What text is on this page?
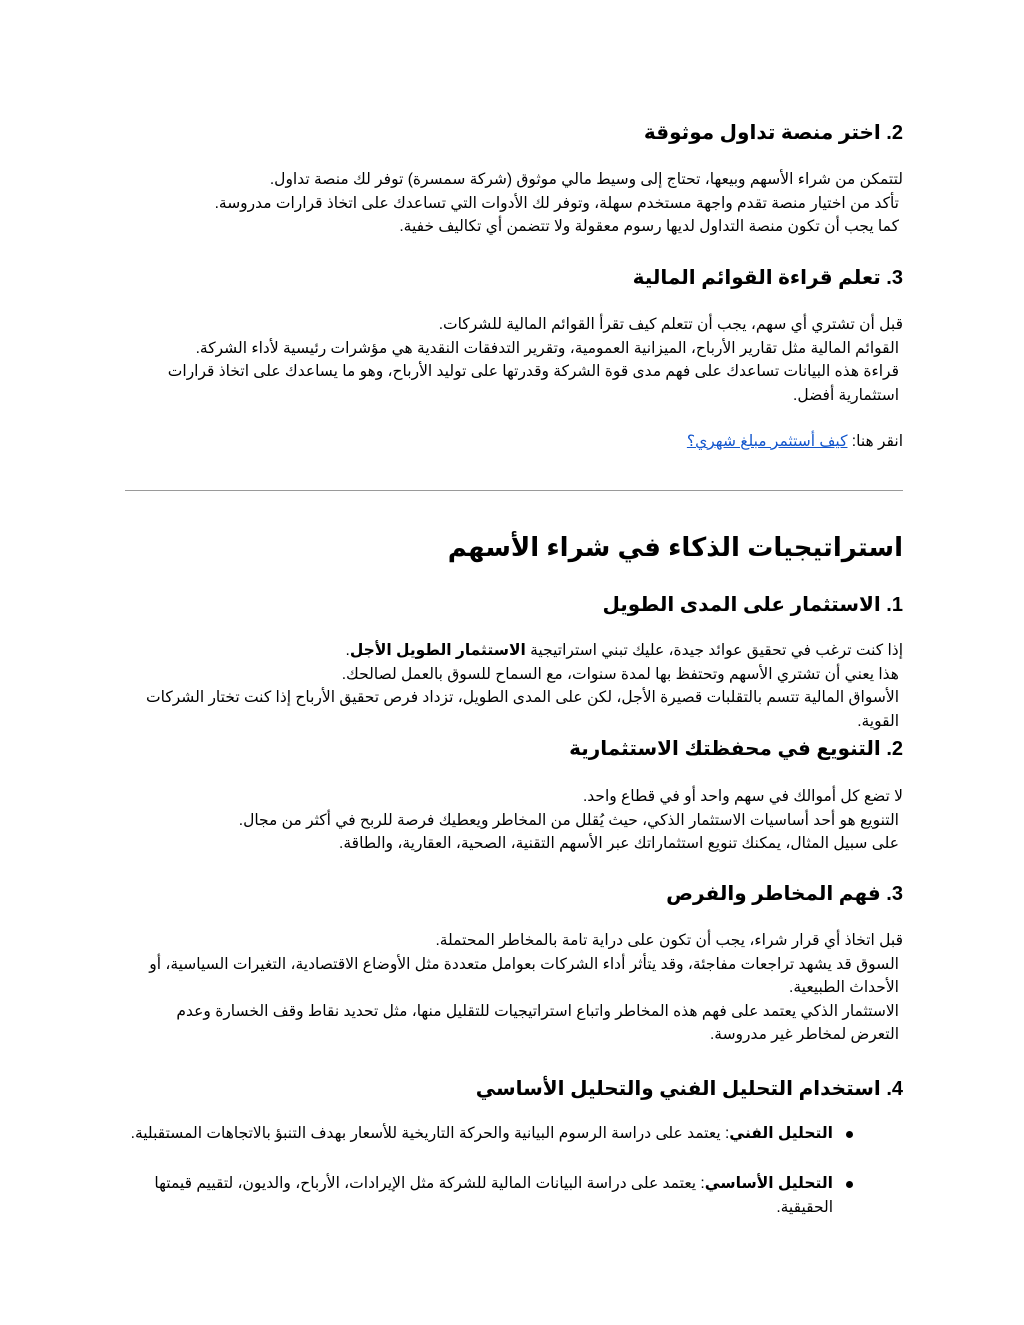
2. اختر منصة تداول موثوقة

لتتمكن من شراء الأسهم وبيعها، تحتاج إلى وسيط مالي موثوق (شركة سمسرة) توفر لك منصة تداول.

تأكد من اختيار منصة تقدم واجهة مستخدم سهلة، وتوفر لك الأدوات التي تساعدك على اتخاذ قرارات مدروسة.

كما يجب أن تكون منصة التداول لديها رسوم معقولة ولا تتضمن أي تكاليف خفية.

3. تعلم قراءة القوائم المالية

قبل أن تشتري أي سهم، يجب أن تتعلم كيف تقرأ القوائم المالية للشركات.

القوائم المالية مثل تقارير الأرباح، الميزانية العمومية، وتقرير التدفقات النقدية هي مؤشرات رئيسية لأداء الشركة.

قراءة هذه البيانات تساعدك على فهم مدى قوة الشركة وقدرتها على توليد الأرباح، وهو ما يساعدك على اتخاذ قرارات استثمارية أفضل.

انقر هنا: كيف أستثمر مبلغ شهري؟
استراتيجيات الذكاء في شراء الأسهم
1. الاستثمار على المدى الطويل

إذا كنت ترغب في تحقيق عوائد جيدة، عليك تبني استراتيجية الاستثمار الطويل الأجل.

هذا يعني أن تشتري الأسهم وتحتفظ بها لمدة سنوات، مع السماح للسوق بالعمل لصالحك.

الأسواق المالية تتسم بالتقلبات قصيرة الأجل، لكن على المدى الطويل، تزداد فرص تحقيق الأرباح إذا كنت تختار الشركات القوية.

2. التنويع في محفظتك الاستثمارية

لا تضع كل أموالك في سهم واحد أو في قطاع واحد.

التنويع هو أحد أساسيات الاستثمار الذكي، حيث يُقلل من المخاطر ويعطيك فرصة للربح في أكثر من مجال.

على سبيل المثال، يمكنك تنويع استثماراتك عبر الأسهم التقنية، الصحية، العقارية، والطاقة.

3. فهم المخاطر والفرص

قبل اتخاذ أي قرار شراء، يجب أن تكون على دراية تامة بالمخاطر المحتملة.

السوق قد يشهد تراجعات مفاجئة، وقد يتأثر أداء الشركات بعوامل متعددة مثل الأوضاع الاقتصادية، التغيرات السياسية، أو الأحداث الطبيعية.

الاستثمار الذكي يعتمد على فهم هذه المخاطر واتباع استراتيجيات للتقليل منها، مثل تحديد نقاط وقف الخسارة وعدم التعرض لمخاطر غير مدروسة.

4. استخدام التحليل الفني والتحليل الأساسي
التحليل الفني: يعتمد على دراسة الرسوم البيانية والحركة التاريخية للأسعار بهدف التنبؤ بالاتجاهات المستقبلية.
التحليل الأساسي: يعتمد على دراسة البيانات المالية للشركة مثل الإيرادات، الأرباح، والديون، لتقييم قيمتها الحقيقية.
